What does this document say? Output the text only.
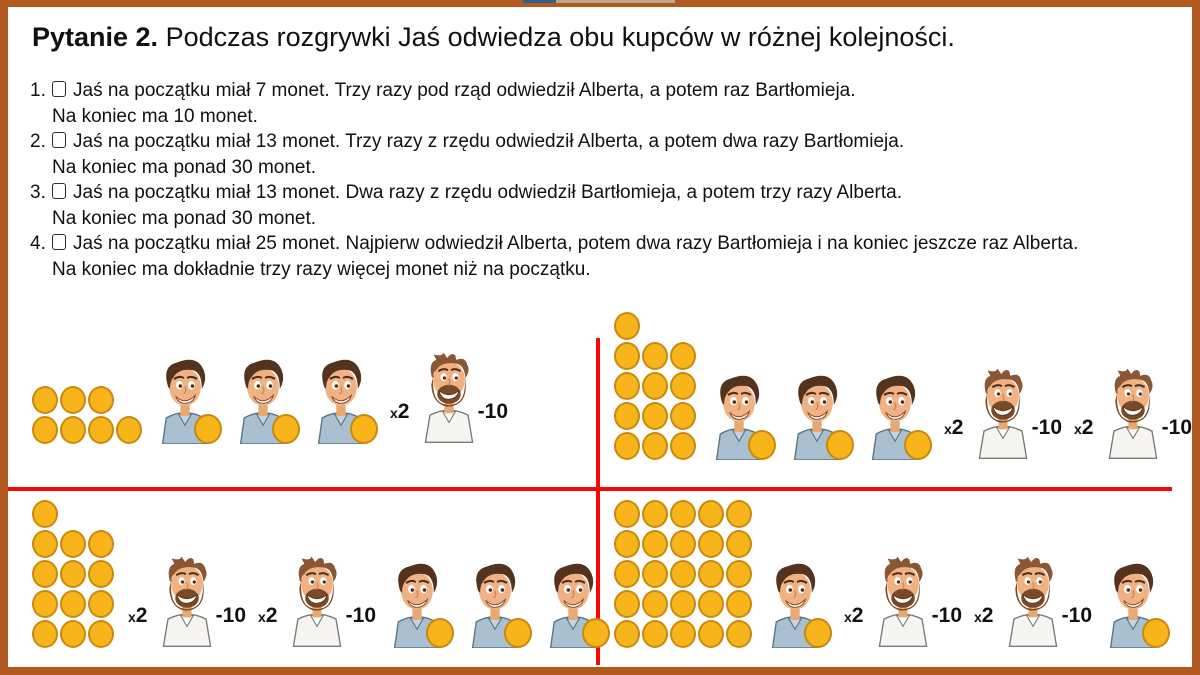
Pytanie 2. Podczas rozgrywki Jaś odwiedza obu kupców w różnej kolejności.
1. Jaś na początku miał 7 monet. Trzy razy pod rząd odwiedził Alberta, a potem raz Bartłomieja.
Na koniec ma 10 monet.
2. Jaś na początku miał 13 monet. Trzy razy z rzędu odwiedził Alberta, a potem dwa razy Bartłomieja.
Na koniec ma ponad 30 monet.
3. Jaś na początku miał 13 monet. Dwa razy z rzędu odwiedził Bartłomieja, a potem trzy razy Alberta.
Na koniec ma ponad 30 monet.
4. Jaś na początku miał 25 monet. Najpierw odwiedził Alberta, potem dwa razy Bartłomieja i na koniec jeszcze raz Alberta.
Na koniec ma dokładnie trzy razy więcej monet niż na początku.
x2	-10
x2	-10 x2	-10
x2	-10 x2	-10	x2	-10 x2	-10
